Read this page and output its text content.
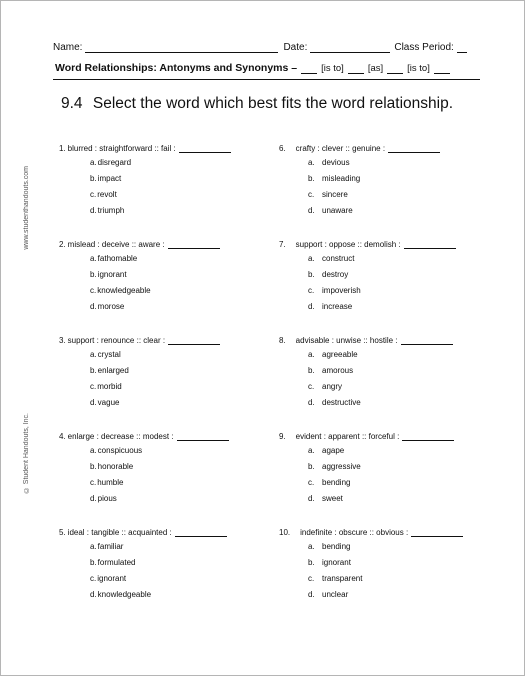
Name:	Date:	Class Period:
Word Relationships: Antonyms and Synonyms –	[is to]	[as]	[is to]
9.4 Select the word which best fits the word relationship.
www.studenthandouts.com
© Student Handouts, Inc.
1. blurred : straightforward :: fail :
a.disregard
b.impact
c.revolt
d.triumph
2. mislead : deceive :: aware :
a.fathomable
b.ignorant
c.knowledgeable
d.morose
3. support : renounce :: clear :
a.crystal
b.enlarged
c.morbid
d.vague
4. enlarge : decrease :: modest :
a.conspicuous
b.honorable
c.humble
d.pious
5. ideal : tangible :: acquainted :
a.familiar
b.formulated
c.ignorant
d.knowledgeable
6. crafty : clever :: genuine :
a. devious
b. misleading
c. sincere
d. unaware
7. support : oppose :: demolish :
a. construct
b. destroy
c. impoverish
d. increase
8. advisable : unwise :: hostile :
a. agreeable
b. amorous
c. angry
d. destructive
9. evident : apparent :: forceful :
a. agape
b. aggressive
c. bending
d. sweet
10. indefinite : obscure :: obvious :
a. bending
b. ignorant
c. transparent
d. unclear
